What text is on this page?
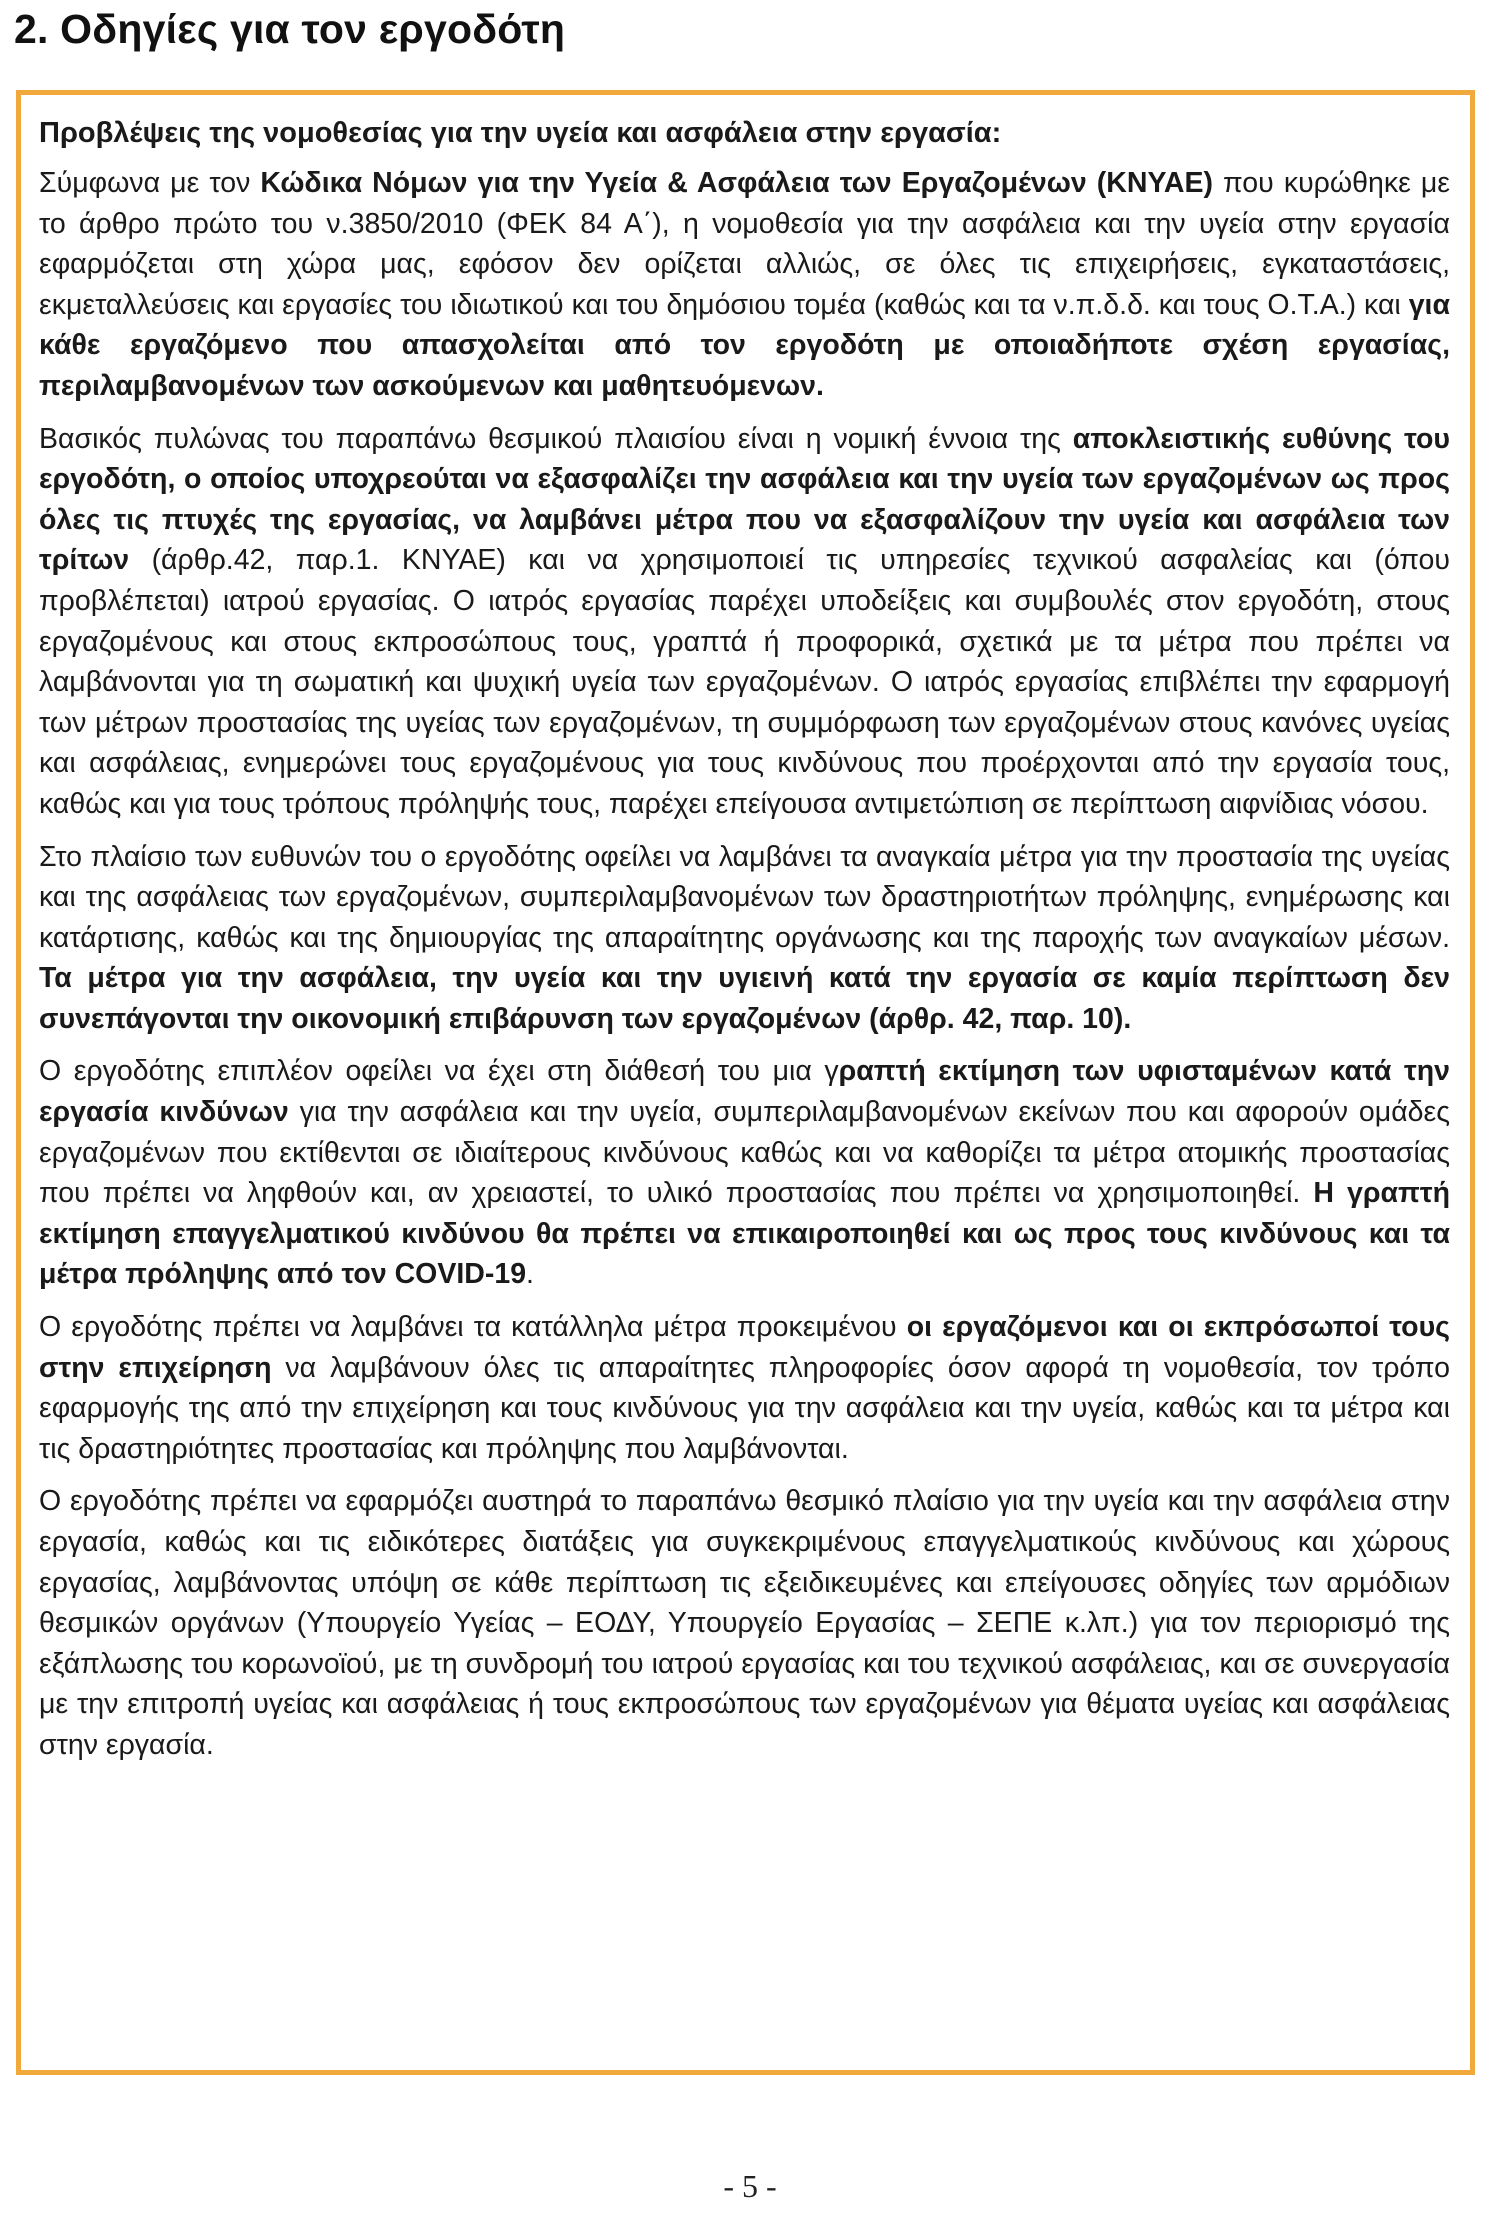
2. Οδηγίες για τον εργοδότη
Προβλέψεις της νομοθεσίας για την υγεία και ασφάλεια στην εργασία:

Σύμφωνα με τον Κώδικα Νόμων για την Υγεία & Ασφάλεια των Εργαζομένων (ΚΝΥΑΕ) που κυρώθηκε με το άρθρο πρώτο του ν.3850/2010 (ΦΕΚ 84 Α΄), η νομοθεσία για την ασφάλεια και την υγεία στην εργασία εφαρμόζεται στη χώρα μας, εφόσον δεν ορίζεται αλλιώς, σε όλες τις επιχειρήσεις, εγκαταστάσεις, εκμεταλλεύσεις και εργασίες του ιδιωτικού και του δημόσιου τομέα (καθώς και τα ν.π.δ.δ. και τους Ο.Τ.Α.) και για κάθε εργαζόμενο που απασχολείται από τον εργοδότη με οποιαδήποτε σχέση εργασίας, περιλαμβανομένων των ασκούμενων και μαθητευόμενων.

Βασικός πυλώνας του παραπάνω θεσμικού πλαισίου είναι η νομική έννοια της αποκλειστικής ευθύνης του εργοδότη, ο οποίος υποχρεούται να εξασφαλίζει την ασφάλεια και την υγεία των εργαζομένων ως προς όλες τις πτυχές της εργασίας, να λαμβάνει μέτρα που να εξασφαλίζουν την υγεία και ασφάλεια των τρίτων (άρθρ.42, παρ.1. ΚΝΥΑΕ) και να χρησιμοποιεί τις υπηρεσίες τεχνικού ασφαλείας και (όπου προβλέπεται) ιατρού εργασίας. Ο ιατρός εργασίας παρέχει υποδείξεις και συμβουλές στον εργοδότη, στους εργαζομένους και στους εκπροσώπους τους, γραπτά ή προφορικά, σχετικά με τα μέτρα που πρέπει να λαμβάνονται για τη σωματική και ψυχική υγεία των εργαζομένων. Ο ιατρός εργασίας επιβλέπει την εφαρμογή των μέτρων προστασίας της υγείας των εργαζομένων, τη συμμόρφωση των εργαζομένων στους κανόνες υγείας και ασφάλειας, ενημερώνει τους εργαζομένους για τους κινδύνους που προέρχονται από την εργασία τους, καθώς και για τους τρόπους πρόληψής τους, παρέχει επείγουσα αντιμετώπιση σε περίπτωση αιφνίδιας νόσου.

Στο πλαίσιο των ευθυνών του ο εργοδότης οφείλει να λαμβάνει τα αναγκαία μέτρα για την προστασία της υγείας και της ασφάλειας των εργαζομένων, συμπεριλαμβανομένων των δραστηριοτήτων πρόληψης, ενημέρωσης και κατάρτισης, καθώς και της δημιουργίας της απαραίτητης οργάνωσης και της παροχής των αναγκαίων μέσων. Τα μέτρα για την ασφάλεια, την υγεία και την υγιεινή κατά την εργασία σε καμία περίπτωση δεν συνεπάγονται την οικονομική επιβάρυνση των εργαζομένων (άρθρ. 42, παρ. 10).

Ο εργοδότης επιπλέον οφείλει να έχει στη διάθεσή του μια γραπτή εκτίμηση των υφισταμένων κατά την εργασία κινδύνων για την ασφάλεια και την υγεία, συμπεριλαμβανομένων εκείνων που και αφορούν ομάδες εργαζομένων που εκτίθενται σε ιδιαίτερους κινδύνους καθώς και να καθορίζει τα μέτρα ατομικής προστασίας που πρέπει να ληφθούν και, αν χρειαστεί, το υλικό προστασίας που πρέπει να χρησιμοποιηθεί. Η γραπτή εκτίμηση επαγγελματικού κινδύνου θα πρέπει να επικαιροποιηθεί και ως προς τους κινδύνους και τα μέτρα πρόληψης από τον COVID-19.

Ο εργοδότης πρέπει να λαμβάνει τα κατάλληλα μέτρα προκειμένου οι εργαζόμενοι και οι εκπρόσωποί τους στην επιχείρηση να λαμβάνουν όλες τις απαραίτητες πληροφορίες όσον αφορά τη νομοθεσία, τον τρόπο εφαρμογής της από την επιχείρηση και τους κινδύνους για την ασφάλεια και την υγεία, καθώς και τα μέτρα και τις δραστηριότητες προστασίας και πρόληψης που λαμβάνονται.

Ο εργοδότης πρέπει να εφαρμόζει αυστηρά το παραπάνω θεσμικό πλαίσιο για την υγεία και την ασφάλεια στην εργασία, καθώς και τις ειδικότερες διατάξεις για συγκεκριμένους επαγγελματικούς κινδύνους και χώρους εργασίας, λαμβάνοντας υπόψη σε κάθε περίπτωση τις εξειδικευμένες και επείγουσες οδηγίες των αρμόδιων θεσμικών οργάνων (Υπουργείο Υγείας – ΕΟΔΥ, Υπουργείο Εργασίας – ΣΕΠΕ κ.λπ.) για τον περιορισμό της εξάπλωσης του κορωνοϊού, με τη συνδρομή του ιατρού εργασίας και του τεχνικού ασφάλειας, και σε συνεργασία με την επιτροπή υγείας και ασφάλειας ή τους εκπροσώπους των εργαζομένων για θέματα υγείας και ασφάλειας στην εργασία.

- 5 -
